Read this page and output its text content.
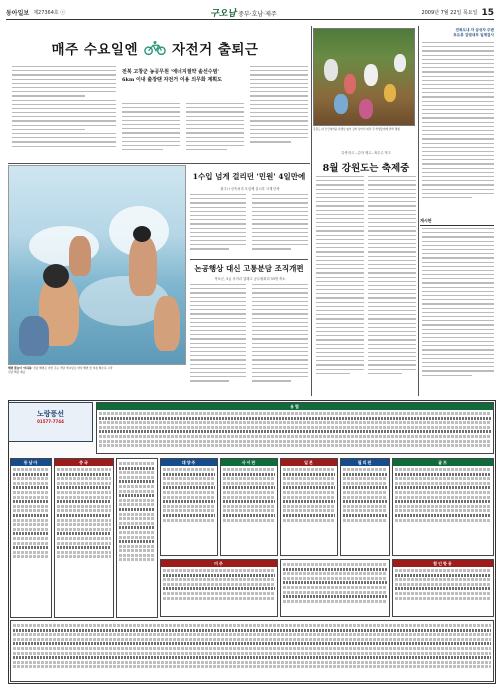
동아일보 제27364호 ⓒ	구오남 중부·호남·제주	2009년 7월 22일 목요일 15
매주 수요일엔	자전거 출퇴근
전북 고창군 농공무원 '에너지절약 솔선수범'
6km 이내 출장땐 자전거 이용 의무화 계획도
해변 물놀이 '아하하' 전남 해변은 이번 주는 적당 계 2일로 바다 해변 물 여름 해수욕 시작
전남 해남 제공
1수입 넘게 걸리던 '민원' 4일만에
광주시 신속처리 모심제 실시후 크게 단축
논공행상 대신 고통분담 조직개편
목포군, 5급 사지리 업해고 공무원회의 33명 축소
강원도 내 모신대마을 선생님 없이 감자 심어서 외부 주 학생들에게 견학 체험
특색 따고…감자 깨고…축수수 먹고
8월 강원도는 축제중
전북도내 자 삼성자 주변
포유류 감염대부 일제검사
게시판
노랑풍선
01577-7744
유럽
동남아	중국	대양주	사이판	일본	필리핀	골프
미주	합인항공
